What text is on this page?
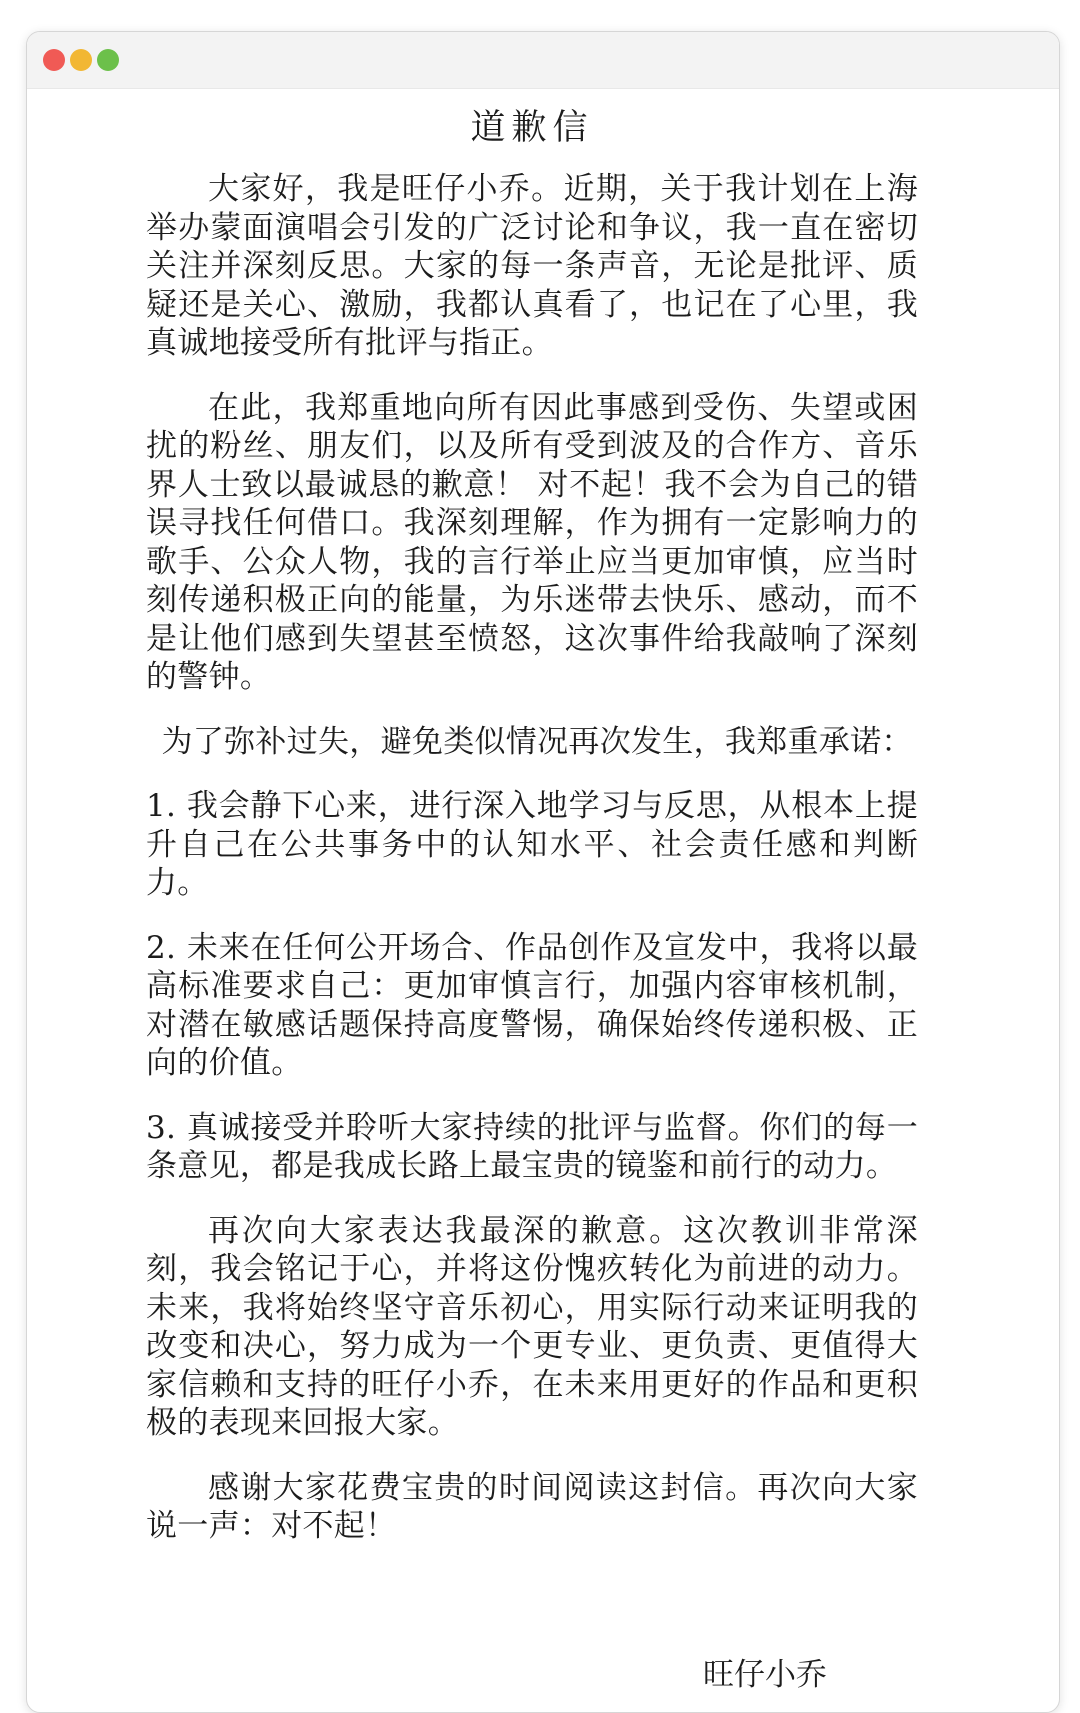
道歉信

大家好，我是旺仔小乔。近期，关于我计划在上海举办蒙面演唱会引发的广泛讨论和争议，我一直在密切关注并深刻反思。大家的每一条声音，无论是批评、质疑还是关心、激励，我都认真看了，也记在了心里，我真诚地接受所有批评与指正。

在此，我郑重地向所有因此事感到受伤、失望或困扰的粉丝、朋友们，以及所有受到波及的合作方、音乐界人士致以最诚恳的歉意！ 对不起！我不会为自己的错误寻找任何借口。我深刻理解，作为拥有一定影响力的歌手、公众人物，我的言行举止应当更加审慎，应当时刻传递积极正向的能量，为乐迷带去快乐、感动，而不是让他们感到失望甚至愤怒，这次事件给我敲响了深刻的警钟。

为了弥补过失，避免类似情况再次发生，我郑重承诺：

1. 我会静下心来，进行深入地学习与反思，从根本上提升自己在公共事务中的认知水平、社会责任感和判断力。

2. 未来在任何公开场合、作品创作及宣发中，我将以最高标准要求自己：更加审慎言行，加强内容审核机制，对潜在敏感话题保持高度警惕，确保始终传递积极、正向的价值。

3. 真诚接受并聆听大家持续的批评与监督。你们的每一条意见，都是我成长路上最宝贵的镜鉴和前行的动力。

再次向大家表达我最深的歉意。这次教训非常深刻，我会铭记于心，并将这份愧疚转化为前进的动力。未来，我将始终坚守音乐初心，用实际行动来证明我的改变和决心，努力成为一个更专业、更负责、更值得大家信赖和支持的旺仔小乔，在未来用更好的作品和更积极的表现来回报大家。

感谢大家花费宝贵的时间阅读这封信。再次向大家说一声：对不起！

旺仔小乔
